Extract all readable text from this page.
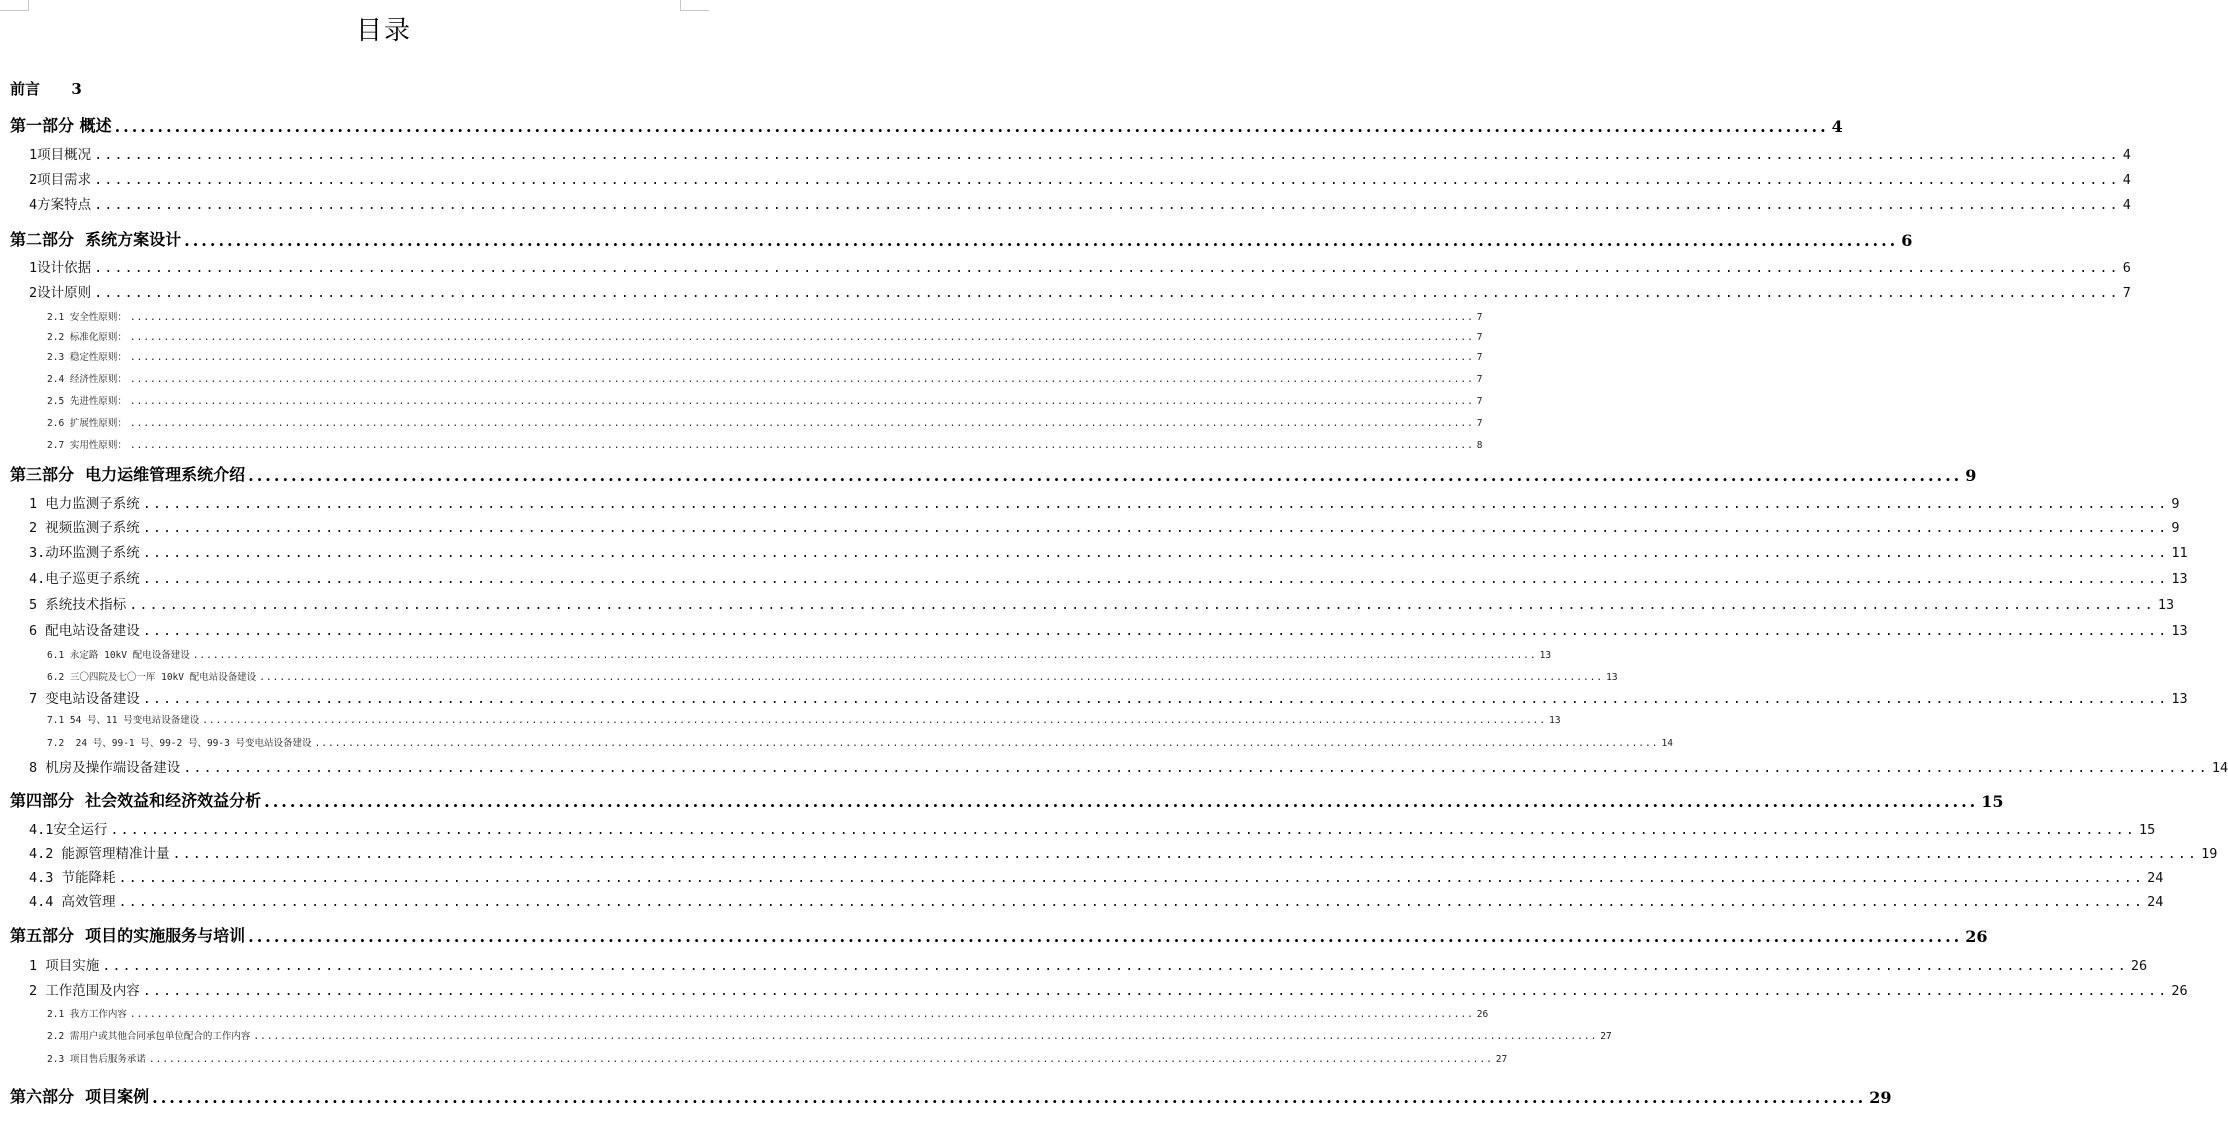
目录
前言 3
第一部分 概述 ........................................................................................................................................................................................................ 4
1项目概况 ........................................................................................................................................................................................................ 4
2项目需求 ........................................................................................................................................................................................................ 4
4方案特点 ........................................................................................................................................................................................................ 4
第二部分  系统方案设计 ........................................................................................................................................................................................................ 6
1设计依据 ........................................................................................................................................................................................................ 6
2设计原则 ........................................................................................................................................................................................................ 7
2.1 安全性原则： ........................................................................................................................................................................................................ 7
2.2 标准化原则： ........................................................................................................................................................................................................ 7
2.3 稳定性原则： ........................................................................................................................................................................................................ 7
2.4 经济性原则： ........................................................................................................................................................................................................ 7
2.5 先进性原则： ........................................................................................................................................................................................................ 7
2.6 扩展性原则： ........................................................................................................................................................................................................ 7
2.7 实用性原则： ........................................................................................................................................................................................................ 8
第三部分  电力运维管理系统介绍 ........................................................................................................................................................................................................ 9
1 电力监测子系统 ........................................................................................................................................................................................................ 9
2 视频监测子系统 ........................................................................................................................................................................................................ 9
3.动环监测子系统 ........................................................................................................................................................................................................ 11
4.电子巡更子系统 ........................................................................................................................................................................................................ 13
5 系统技术指标 ........................................................................................................................................................................................................ 13
6 配电站设备建设 ........................................................................................................................................................................................................ 13
6.1 永定路 10kV 配电设备建设 ........................................................................................................................................................................................................ 13
6.2 三〇四院及七〇一厍 10kV 配电站设备建设 ........................................................................................................................................................................................................ 13
7 变电站设备建设 ........................................................................................................................................................................................................ 13
7.1 54 号、11 号变电站设备建设 ........................................................................................................................................................................................................ 13
7.2  24 号、99-1 号、99-2 号、99-3 号变电站设备建设 ........................................................................................................................................................................................................ 14
8 机房及操作端设备建设 ........................................................................................................................................................................................................ 14
第四部分  社会效益和经济效益分析 ........................................................................................................................................................................................................ 15
4.1安全运行 ........................................................................................................................................................................................................ 15
4.2 能源管理精准计量 ........................................................................................................................................................................................................ 19
4.3 节能降耗 ........................................................................................................................................................................................................ 24
4.4 高效管理 ........................................................................................................................................................................................................ 24
第五部分  项目的实施服务与培训 ........................................................................................................................................................................................................ 26
1 项目实施 ........................................................................................................................................................................................................ 26
2 工作范围及内容 ........................................................................................................................................................................................................ 26
2.1 我方工作内容 ........................................................................................................................................................................................................ 26
2.2 需用户或其他合同承包单位配合的工作内容 ........................................................................................................................................................................................................ 27
2.3 项目售后服务承诺 ........................................................................................................................................................................................................ 27
第六部分  项目案例 ........................................................................................................................................................................................................ 29
